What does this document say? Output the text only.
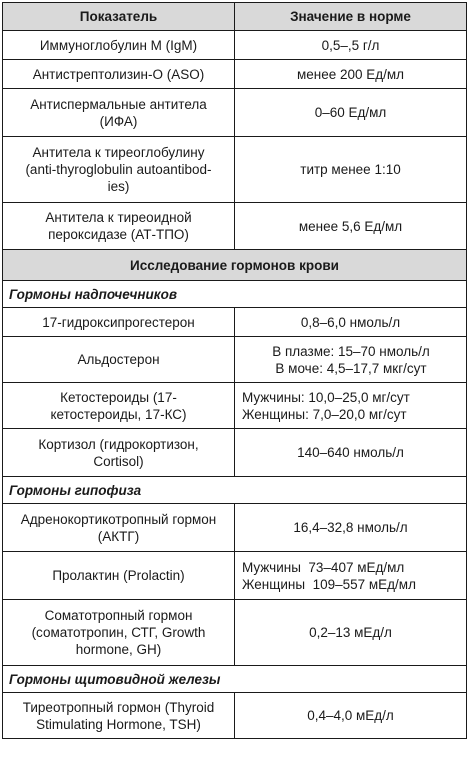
Показатель	Значение в норме

Иммуноглобулин М (IgM)	0,5–,5 г/л

Антистрептолизин-О (ASO)	менее 200 Ед/мл

Антиспермальные антитела
(ИФА)	0–60 Ед/мл

Антитела к тиреоглобулину
(anti-thyroglobulin autoantibod-
ies)	титр менее 1:10

Антитела к тиреоидной
пероксидазе (АТ-ТПО)	менее 5,6 Ед/мл

Исследование гормонов крови	
Гормоны надпочечников	

17-гидроксипрогестерон	0,8–6,0 нмоль/л

Альдостерон	В плазме: 15–70 нмоль/л
В моче: 4,5–17,7 мкг/сут

Кетостероиды (17-
кетостероиды, 17-КС)	Мужчины: 10,0–25,0 мг/сут
Женщины: 7,0–20,0 мг/сут

Кортизол (гидрокортизон,
Cortisol)	140–640 нмоль/л

Гормоны гипофиза	

Адренокортикотропный гормон
(АКТГ)	16,4–32,8 нмоль/л

Пролактин (Prolactin)	Мужчины  73–407 мЕд/мл
Женщины  109–557 мЕд/мл

Соматотропный гормон
(соматотропин, СТГ, Growth
hormone, GH)	0,2–13 мЕд/л

Гормоны щитовидной железы	

Тиреотропный гормон (Thyroid
Stimulating Hormone, TSH)	0,4–4,0 мЕд/л
